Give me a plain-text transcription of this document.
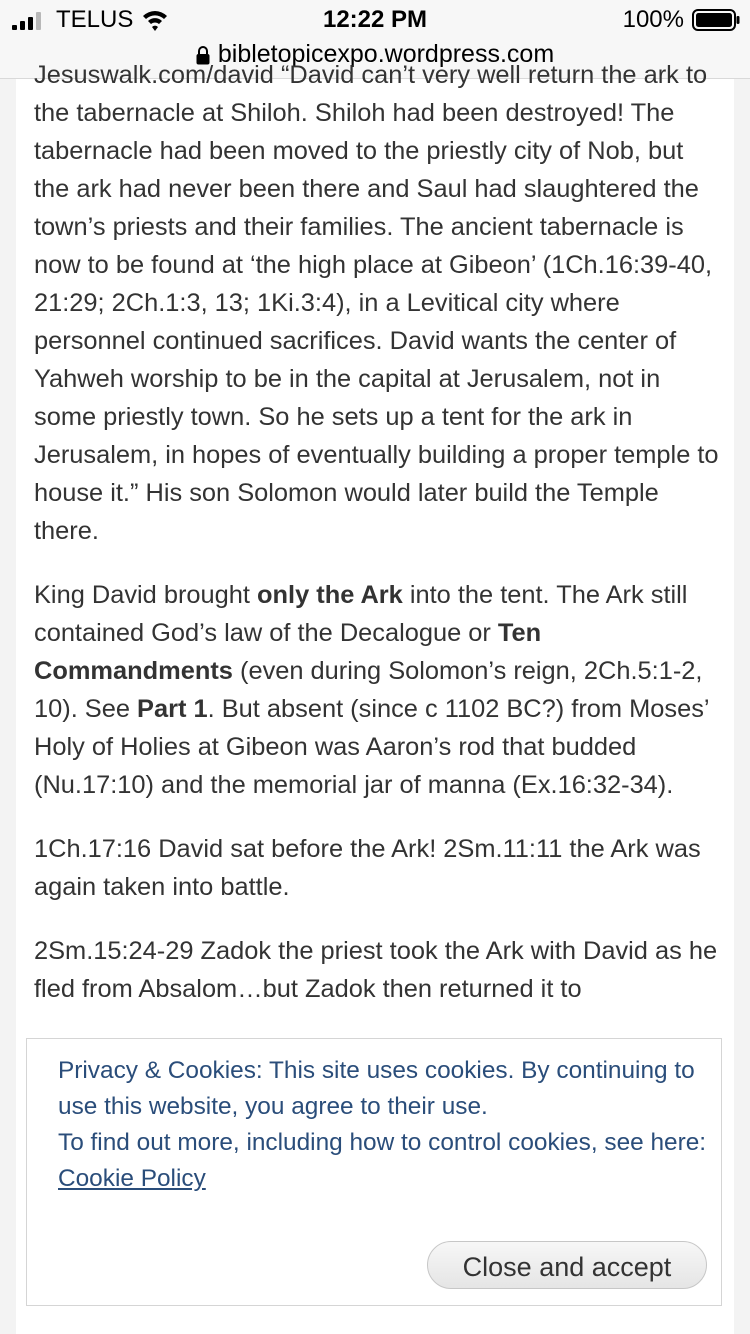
TELUS	12:22 PM	100%
bibletopicexpo.wordpress.com

Jesuswalk.com/david “David can’t very well return the ark to the tabernacle at Shiloh. Shiloh had been destroyed! The tabernacle had been moved to the priestly city of Nob, but the ark had never been there and Saul had slaughtered the town’s priests and their families. The ancient tabernacle is now to be found at ‘the high place at Gibeon’ (1Ch.16:39-40, 21:29; 2Ch.1:3, 13; 1Ki.3:4), in a Levitical city where personnel continued sacrifices. David wants the center of Yahweh worship to be in the capital at Jerusalem, not in some priestly town. So he sets up a tent for the ark in Jerusalem, in hopes of eventually building a proper temple to house it.” His son Solomon would later build the Temple there.

King David brought only the Ark into the tent. The Ark still contained God’s law of the Decalogue or Ten Commandments (even during Solomon’s reign, 2Ch.5:1-2, 10). See Part 1. But absent (since c 1102 BC?) from Moses’ Holy of Holies at Gibeon was Aaron’s rod that budded (Nu.17:10) and the memorial jar of manna (Ex.16:32-34).

1Ch.17:16 David sat before the Ark! 2Sm.11:11 the Ark was again taken into battle.

2Sm.15:24-29 Zadok the priest took the Ark with David as he fled from Absalom…but Zadok then returned it to

Privacy & Cookies: This site uses cookies. By continuing to use this website, you agree to their use.
To find out more, including how to control cookies, see here:
Cookie Policy
Close and accept
